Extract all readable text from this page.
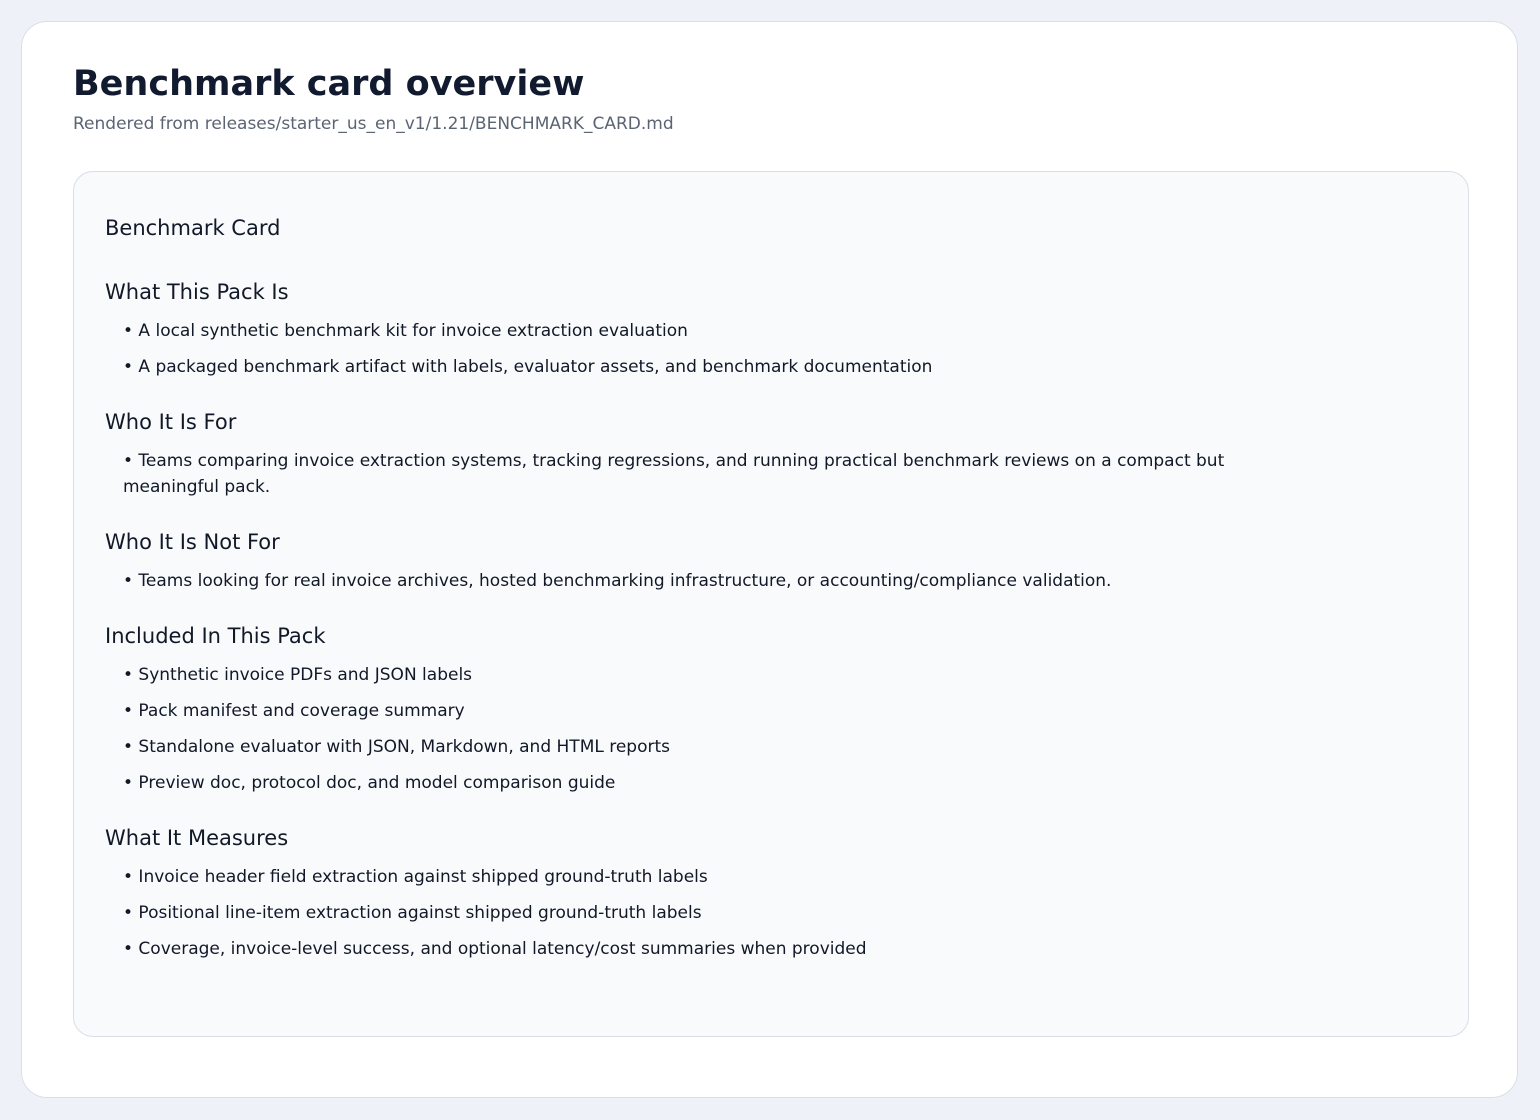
Benchmark card overview
Rendered from releases/starter_us_en_v1/1.21/BENCHMARK_CARD.md
Benchmark Card
What This Pack Is
• A local synthetic benchmark kit for invoice extraction evaluation
• A packaged benchmark artifact with labels, evaluator assets, and benchmark documentation
Who It Is For
• Teams comparing invoice extraction systems, tracking regressions, and running practical benchmark reviews on a compact but meaningful pack.
Who It Is Not For
• Teams looking for real invoice archives, hosted benchmarking infrastructure, or accounting/compliance validation.
Included In This Pack
• Synthetic invoice PDFs and JSON labels
• Pack manifest and coverage summary
• Standalone evaluator with JSON, Markdown, and HTML reports
• Preview doc, protocol doc, and model comparison guide
What It Measures
• Invoice header field extraction against shipped ground-truth labels
• Positional line-item extraction against shipped ground-truth labels
• Coverage, invoice-level success, and optional latency/cost summaries when provided
